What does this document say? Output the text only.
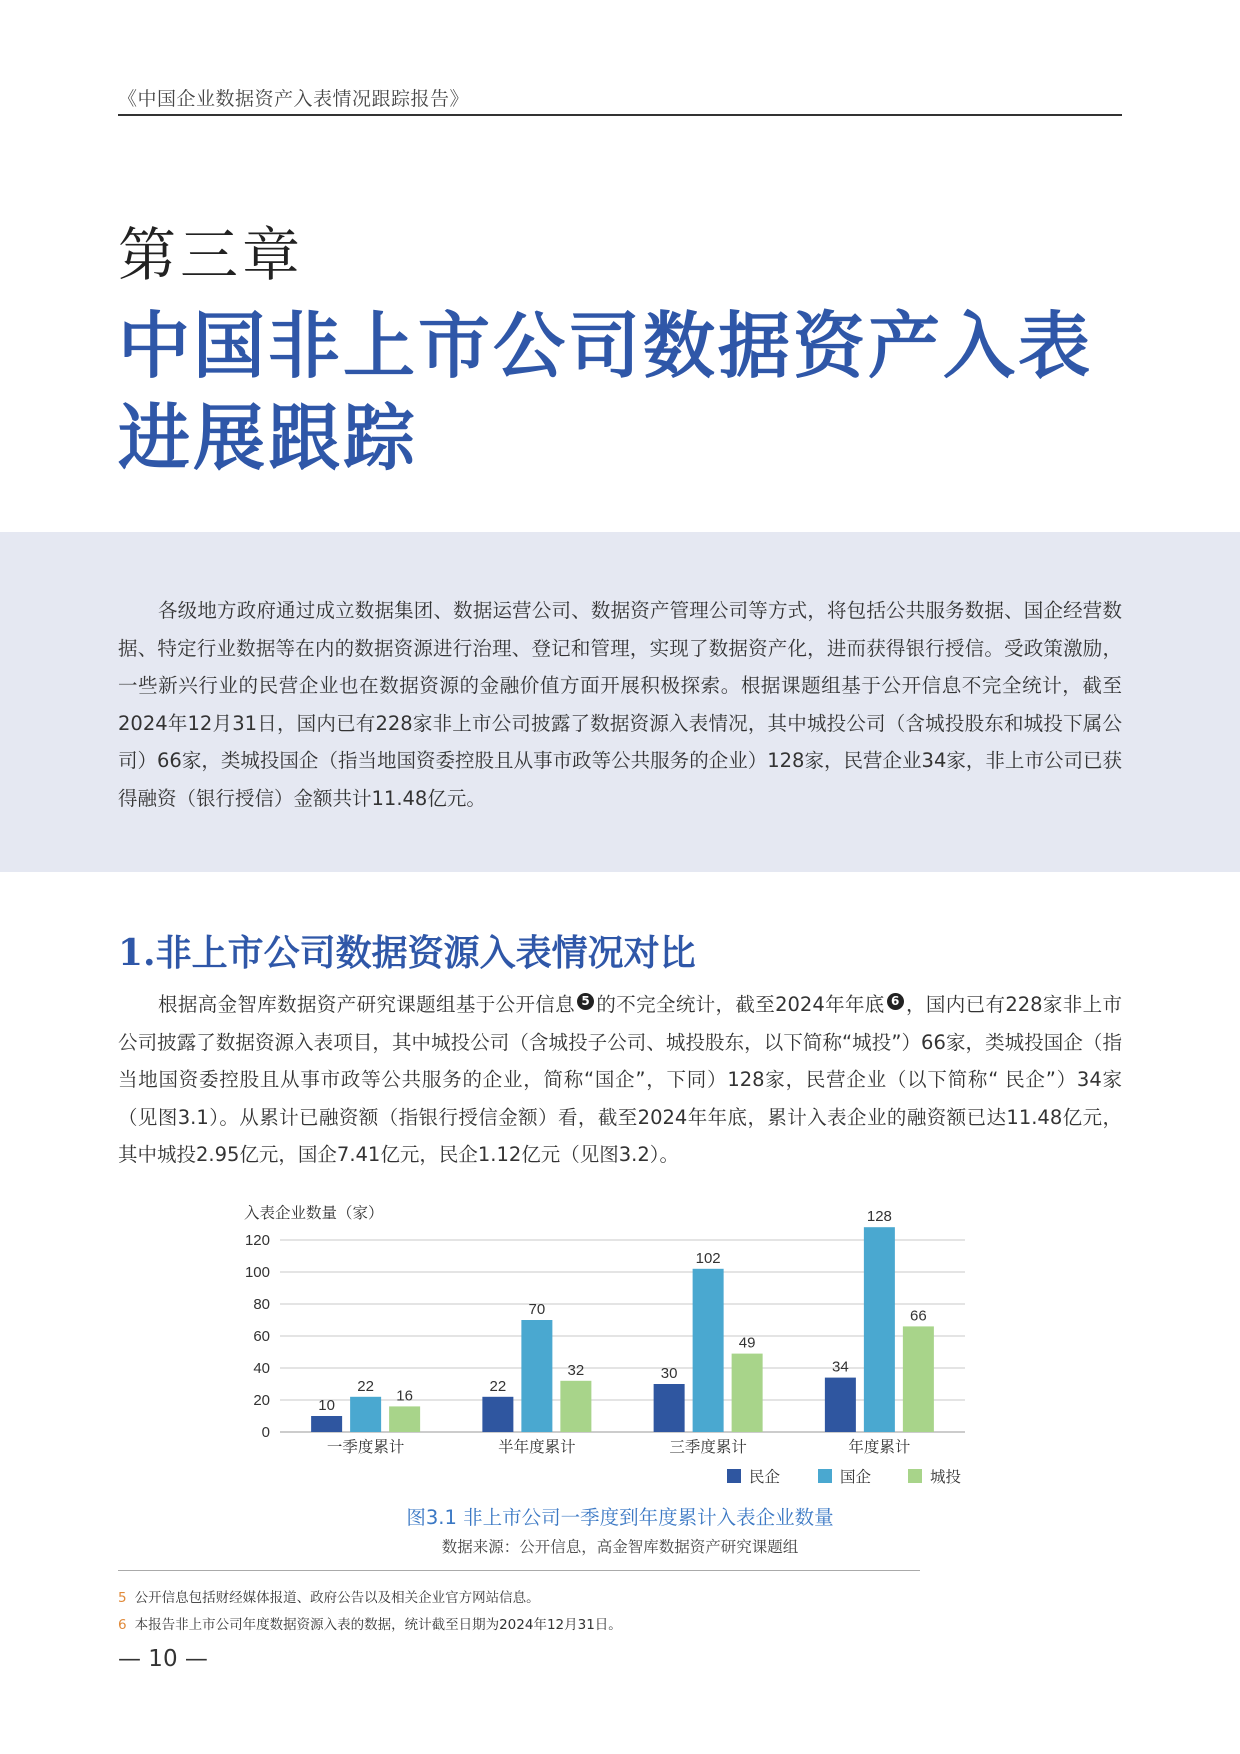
《中国企业数据资产入表情况跟踪报告》
第三章
中国非上市公司数据资产入表进展跟踪

各级地方政府通过成立数据集团、数据运营公司、数据资产管理公司等方式，将包括公共服务数据、国企经营数据、特定行业数据等在内的数据资源进行治理、登记和管理，实现了数据资产化，进而获得银行授信。受政策激励，一些新兴行业的民营企业也在数据资源的金融价值方面开展积极探索。根据课题组基于公开信息不完全统计，截至2024年12月31日，国内已有228家非上市公司披露了数据资源入表情况，其中城投公司（含城投股东和城投下属公司）66家，类城投国企（指当地国资委控股且从事市政等公共服务的企业）128家，民营企业34家，非上市公司已获得融资（银行授信）金额共计11.48亿元。

1.非上市公司数据资源入表情况对比

根据高金智库数据资产研究课题组基于公开信息 5 的不完全统计，截至2024年年底 6 ，国内已有228家非上市公司披露了数据资源入表项目，其中城投公司（含城投子公司、城投股东，以下简称“城投”）66家，类城投国企（指当地国资委控股且从事市政等公共服务的企业，简称“国企”，下同）128家，民营企业（以下简称“ 民企”）34家（见图3.1）。从累计已融资额（指银行授信金额）看，截至2024年年底，累计入表企业的融资额已达11.48亿元，其中城投2.95亿元，国企7.41亿元，民企1.12亿元（见图3.2）。

入表企业数量（家）
0
20
40
60
80
100
120
10
22
16
一季度累计
22
70
32
半年度累计
30
102
49
三季度累计
34
128
66
年度累计
民企	国企	城投
图3.1 非上市公司一季度到年度累计入表企业数量
数据来源：公开信息，高金智库数据资产研究课题组
5 公开信息包括财经媒体报道、政府公告以及相关企业官方网站信息。
6 本报告非上市公司年度数据资源入表的数据，统计截至日期为2024年12月31日。
— 10 —
